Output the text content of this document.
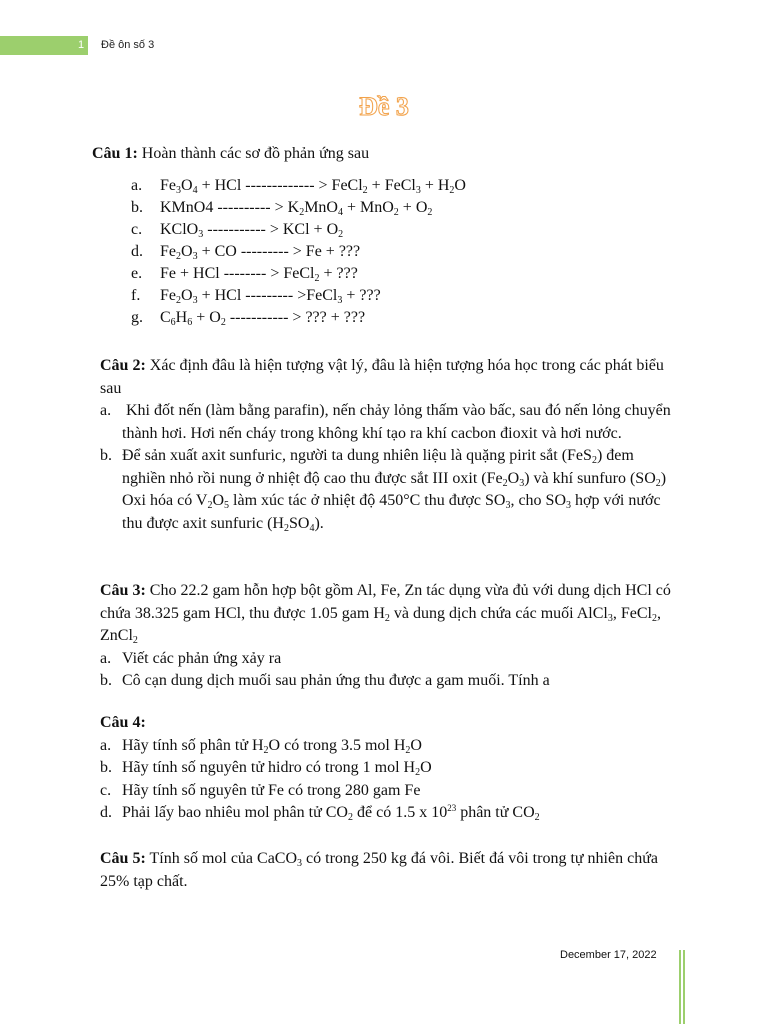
1	Đề ôn số 3
Đề 3
Câu 1: Hoàn thành các sơ đồ phản ứng sau
a. $Fe_3O_4$ + HCl ------------- > FeCl$_2$ + FeCl$_3$ + $H_2O$
b. KMnO4 ---------- > $K_2MnO_4 + MnO_2 + O_2$
c. KClO$_3$ ----------- > KCl + $O_2$
d. $Fe_2O_3$ + CO --------- > Fe + ???
e. Fe + HCl -------- > FeCl$_2$ + ???
f. $Fe_2O_3$ + HCl --------- >FeCl$_3$ + ???
g. $C_6H_6 + O_2$ ----------- > ??? + ???

Câu 2: Xác định đâu là hiện tượng vật lý, đâu là hiện tượng hóa học trong các phát biểu sau

a. Khi đốt nến (làm bằng parafin), nến chảy lỏng thấm vào bấc, sau đó nến lỏng chuyển thành hơi. Hơi nến cháy trong không khí tạo ra khí cacbon đioxit và hơi nước.
b. Để sản xuất axit sunfuric, người ta dung nhiên liệu là quặng pirit sắt (FeS$_2$) đem nghiền nhỏ rồi nung ở nhiệt độ cao thu được sắt III oxit $(Fe_2O_3)$ và khí sunfuro $(SO_2)$ Oxi hóa có $V_2O_5$ làm xúc tác ở nhiệt độ 450°C thu được $SO_3$, cho $SO_3$ hợp với nước thu được axit sunfuric $(H_2SO_4)$.

Câu 3: Cho 22.2 gam hỗn hợp bột gồm Al, Fe, Zn tác dụng vừa đủ với dung dịch HCl có chứa 38.325 gam HCl, thu được 1.05 gam $H_2$ và dung dịch chứa các muối AlCl$_3$, FeCl$_2$, ZnCl$_2$

a. Viết các phản ứng xảy ra
b. Cô cạn dung dịch muối sau phản ứng thu được a gam muối. Tính a

Câu 4:

a. Hãy tính số phân tử $H_2O$ có trong 3.5 mol $H_2O$
b. Hãy tính số nguyên tử hidro có trong 1 mol $H_2O$
c. Hãy tính số nguyên tử Fe có trong 280 gam Fe
d. Phải lấy bao nhiêu mol phân tử $CO_2$ để có 1.5 x $10^{23}$ phân tử $CO_2$

Câu 5: Tính số mol của CaCO$_3$ có trong 250 kg đá vôi. Biết đá vôi trong tự nhiên chứa 25% tạp chất.

December 17, 2022
